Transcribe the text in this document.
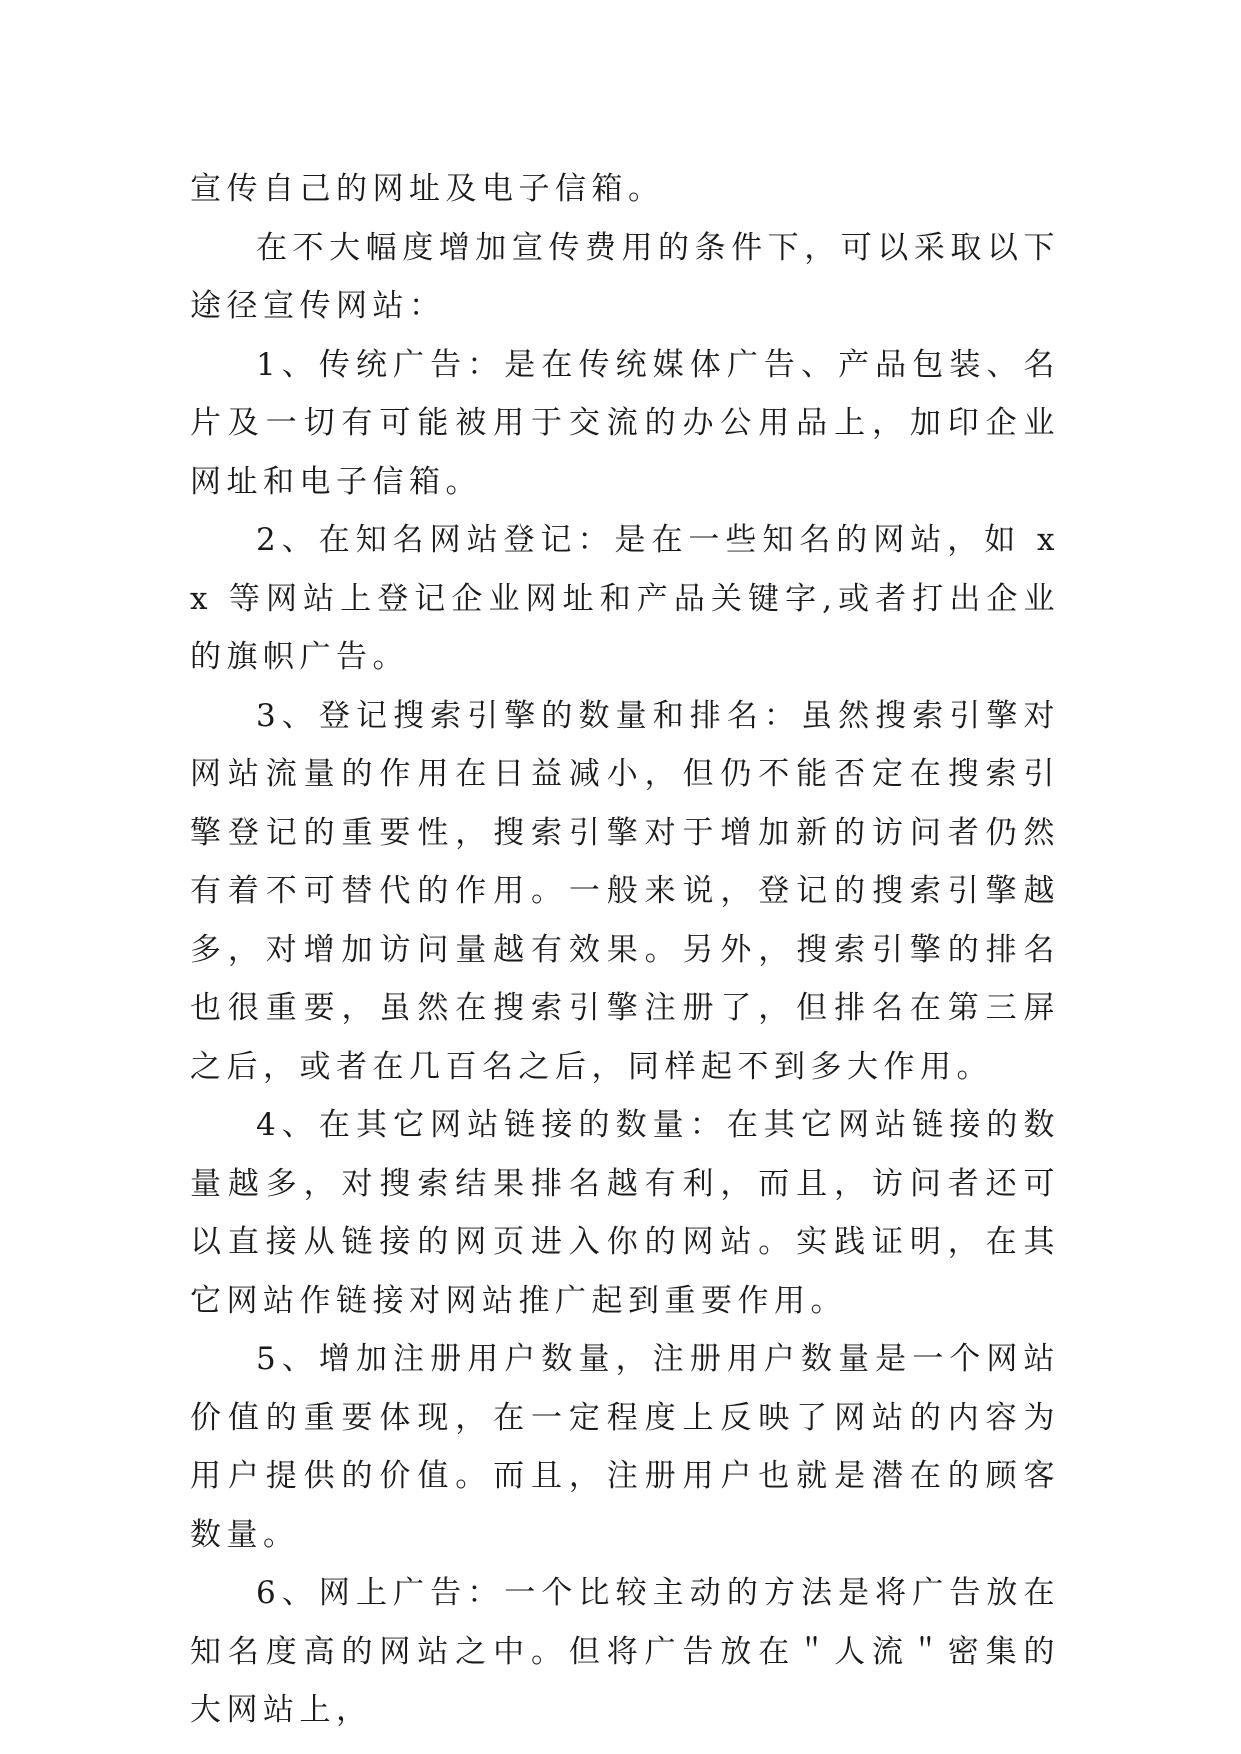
宣传自己的网址及电子信箱。

在不大幅度增加宣传费用的条件下，可以采取以下途径宣传网站：

1、传统广告：是在传统媒体广告、产品包装、名片及一切有可能被用于交流的办公用品上，加印企业网址和电子信箱。

2、在知名网站登记：是在一些知名的网站，如 xx 等网站上登记企业网址和产品关键字,或者打出企业的旗帜广告。

3、登记搜索引擎的数量和排名：虽然搜索引擎对网站流量的作用在日益减小，但仍不能否定在搜索引擎登记的重要性，搜索引擎对于增加新的访问者仍然有着不可替代的作用。一般来说，登记的搜索引擎越多，对增加访问量越有效果。另外，搜索引擎的排名也很重要，虽然在搜索引擎注册了，但排名在第三屏之后，或者在几百名之后，同样起不到多大作用。

4、在其它网站链接的数量：在其它网站链接的数量越多，对搜索结果排名越有利，而且，访问者还可以直接从链接的网页进入你的网站。实践证明，在其它网站作链接对网站推广起到重要作用。

5、增加注册用户数量，注册用户数量是一个网站价值的重要体现，在一定程度上反映了网站的内容为用户提供的价值。而且，注册用户也就是潜在的顾客数量。

6、网上广告：一个比较主动的方法是将广告放在知名度高的网站之中。但将广告放在＂人流＂密集的大网站上，
